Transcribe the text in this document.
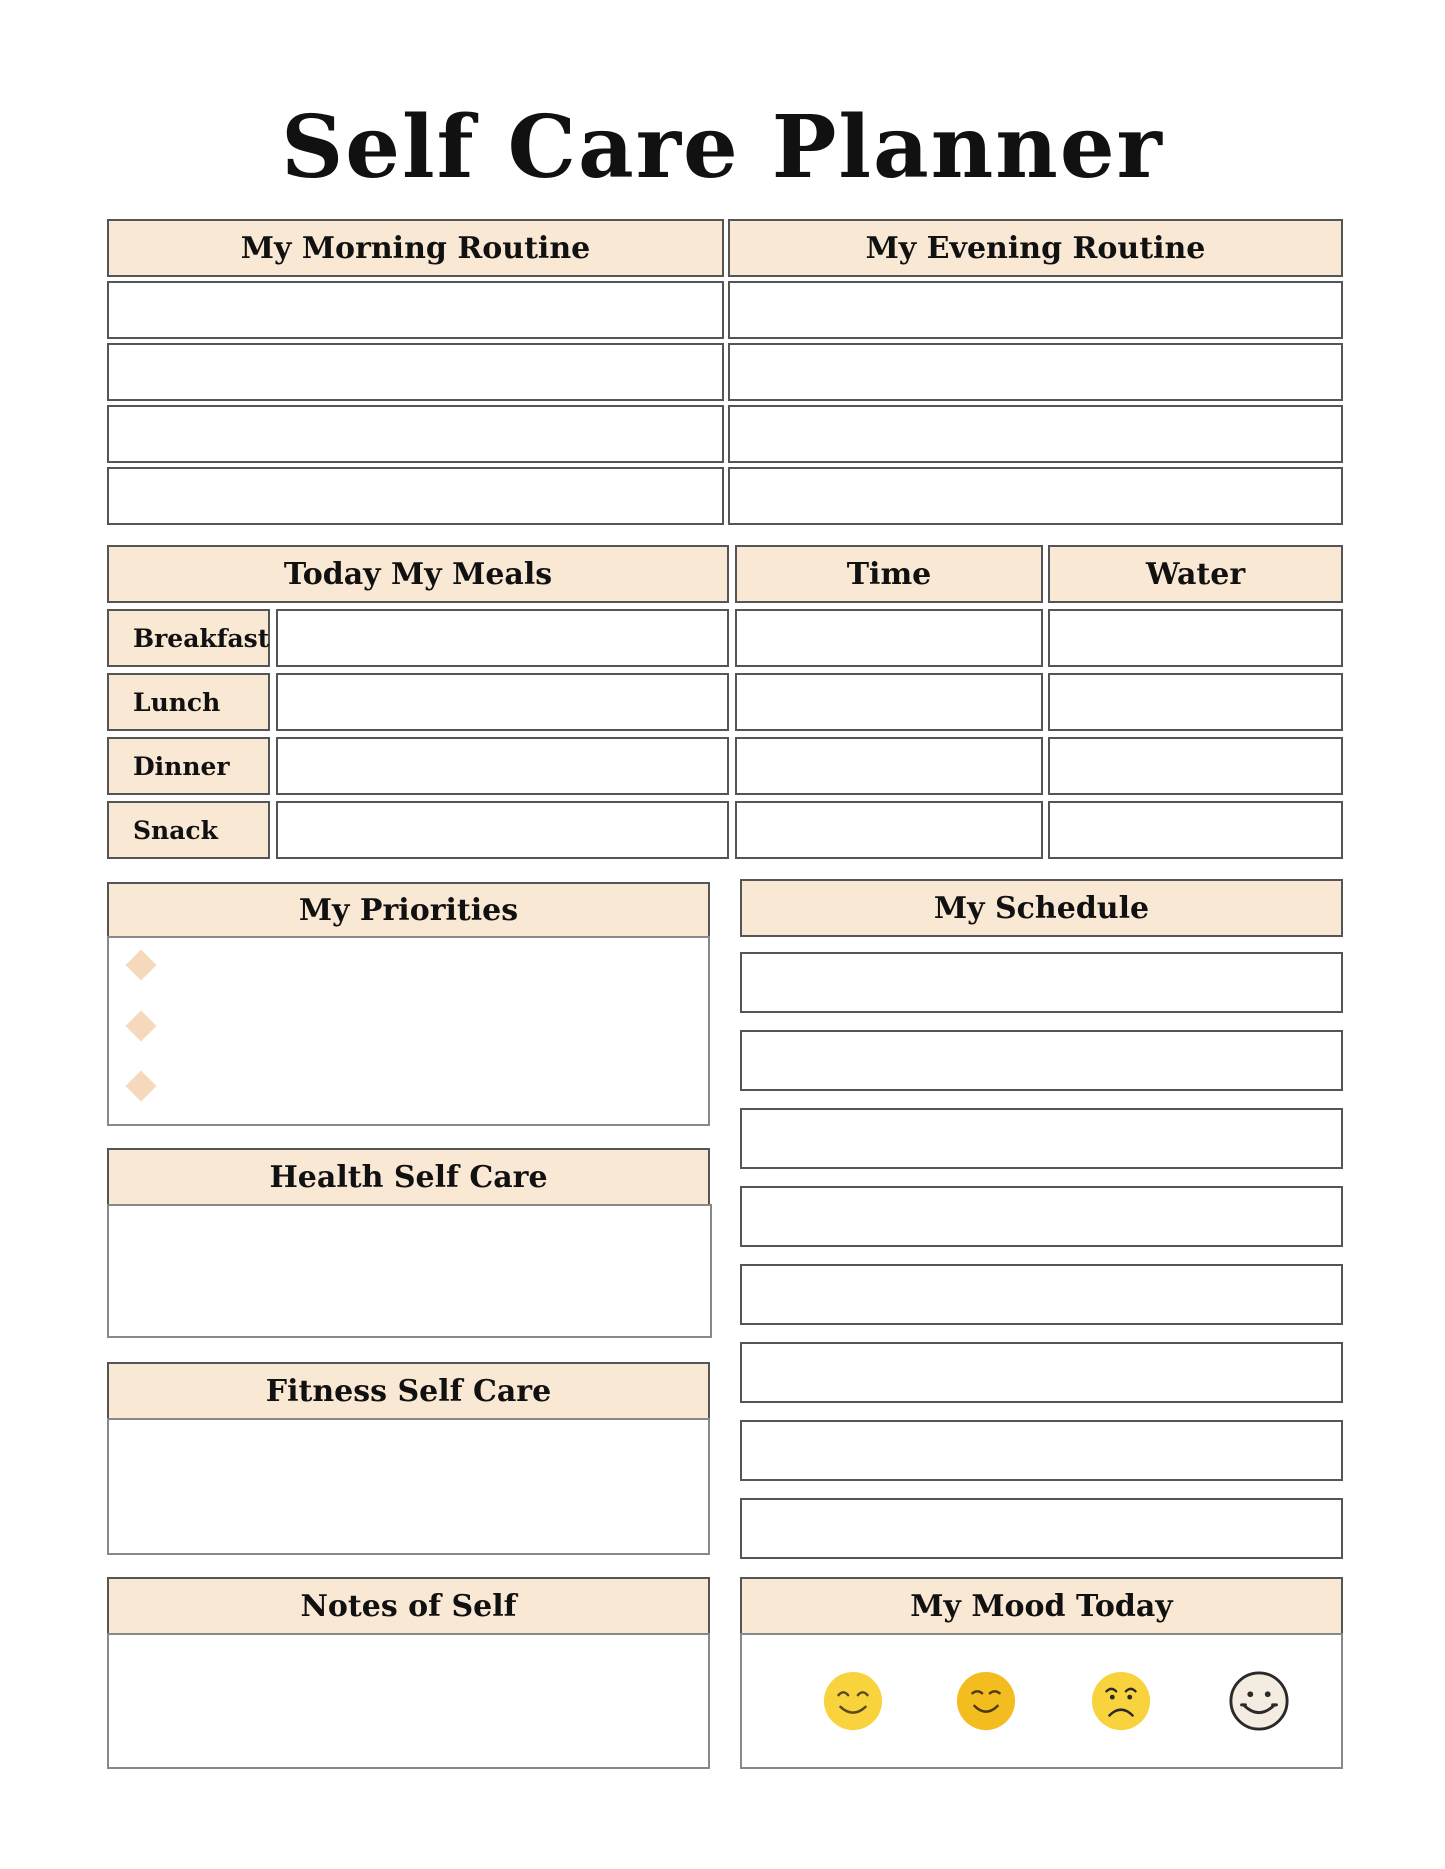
Self Care Planner
My Morning Routine	My Evening Routine
Today My Meals	Time	Water
Breakfast
Lunch
Dinner
Snack
My Priorities
Health Self Care
Fitness Self Care
Notes of Self
My Schedule
My Mood Today
